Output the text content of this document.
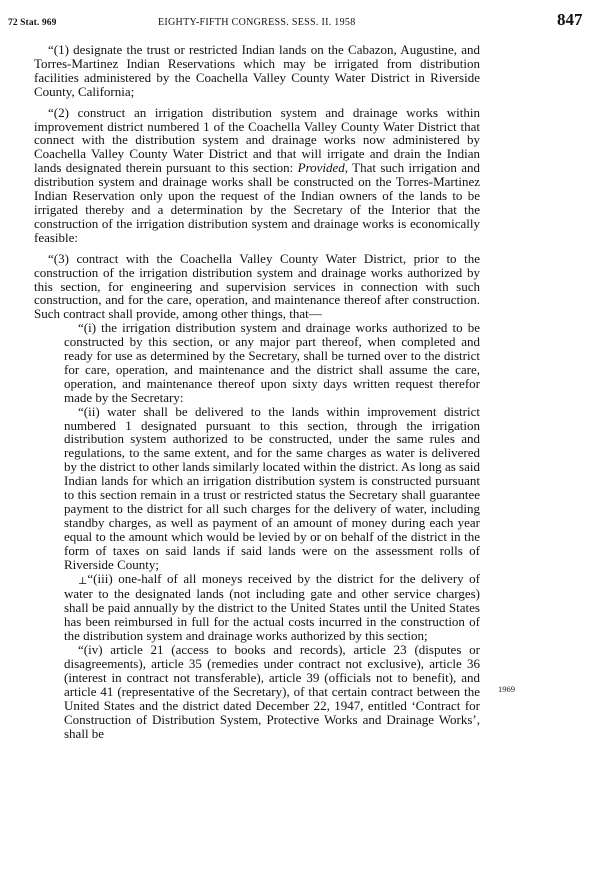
72 Stat. 969	EIGHTY-FIFTH CONGRESS. SESS. II. 1958	847

“(1) designate the trust or restricted Indian lands on the Cabazon, Augustine, and Torres-Martinez Indian Reservations which may be irrigated from distribution facilities administered by the Coachella Valley County Water District in Riverside County, California;

“(2) construct an irrigation distribution system and drainage works within improvement district numbered 1 of the Coachella Valley County Water District that connect with the distribution system and drainage works now administered by Coachella Valley County Water District and that will irrigate and drain the Indian lands designated therein pursuant to this section: Provided, That such irrigation and distribution system and drainage works shall be constructed on the Torres-Martinez Indian Reservation only upon the request of the Indian owners of the lands to be irrigated thereby and a determination by the Secretary of the Interior that the construction of the irrigation distribution system and drainage works is economically feasible:

“(3) contract with the Coachella Valley County Water District, prior to the construction of the irrigation distribution system and drainage works authorized by this section, for engineering and supervision services in connection with such construction, and for the care, operation, and maintenance thereof after construction. Such contract shall provide, among other things, that—

“(i) the irrigation distribution system and drainage works authorized to be constructed by this section, or any major part thereof, when completed and ready for use as determined by the Secretary, shall be turned over to the district for care, operation, and maintenance and the district shall assume the care, operation, and maintenance thereof upon sixty days written request therefor made by the Secretary:

“(ii) water shall be delivered to the lands within improvement district numbered 1 designated pursuant to this section, through the irrigation distribution system authorized to be constructed, under the same rules and regulations, to the same extent, and for the same charges as water is delivered by the district to other lands similarly located within the district. As long as said Indian lands for which an irrigation distribution system is constructed pursuant to this section remain in a trust or restricted status the Secretary shall guarantee payment to the district for all such charges for the delivery of water, including standby charges, as well as payment of an amount of money during each year equal to the amount which would be levied by or on behalf of the district in the form of taxes on said lands if said lands were on the assessment rolls of Riverside County;

⊥“(iii) one-half of all moneys received by the district for the delivery of water to the designated lands (not including gate and other service charges) shall be paid annually by the district to the United States until the United States has been reimbursed in full for the actual costs incurred in the construction of the distribution system and drainage works authorized by this section;

“(iv) article 21 (access to books and records), article 23 (disputes or disagreements), article 35 (remedies under contract not exclusive), article 36 (interest in contract not transferable), article 39 (officials not to benefit), and article 41 (representative of the Secretary), of that certain contract between the United States and the district dated December 22, 1947, entitled ‘Contract for Construction of Distribution System, Protective Works and Drainage Works’, shall be

1969
